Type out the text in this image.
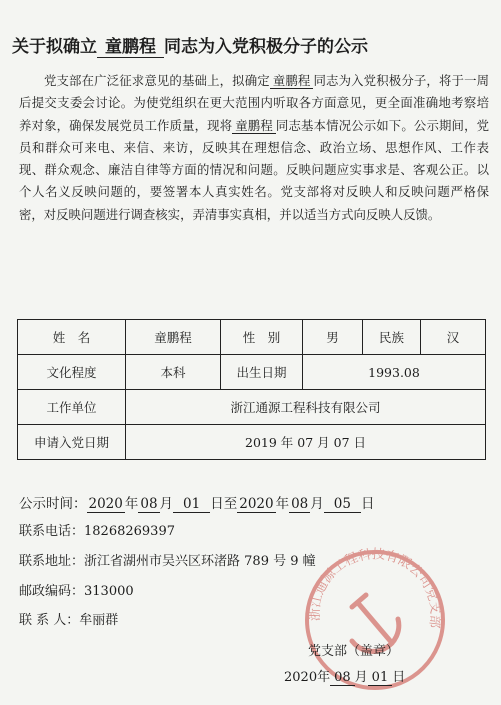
关于拟确立 童鹏程 同志为入党积极分子的公示

  党支部在广泛征求意见的基础上，拟确定 童鹏程 同志为入党积极分子，将于一周后提交支委会讨论。为使党组织在更大范围内听取各方面意见，更全面准确地考察培养对象，确保发展党员工作质量，现将 童鹏程 同志基本情况公示如下。公示期间，党员和群众可来电、来信、来访，反映其在理想信念、政治立场、思想作风、工作表现、群众观念、廉洁自律等方面的情况和问题。反映问题应实事求是、客观公正。以个人名义反映问题的，要签署本人真实姓名。党支部将对反映人和反映问题严格保密，对反映问题进行调查核实，弄清事实真相，并以适当方式向反映人反馈。

姓　名	童鹏程	性　别	男	民族	汉
文化程度	本科	出生日期	1993.08		
工作单位	浙江通源工程科技有限公司				
申请入党日期	2019 年 07 月 07 日				
公示时间： 2020 年 08 月 01 日至 2020 年 08 月 05 日
联系电话：18268269397
联系地址：浙江省湖州市吴兴区环渚路 789 号 9 幢
邮政编码：313000
联 系 人：牟丽群	浙江通源工程科技有限公司党支部
党支部（盖章）
2020年 08 月 01 日
